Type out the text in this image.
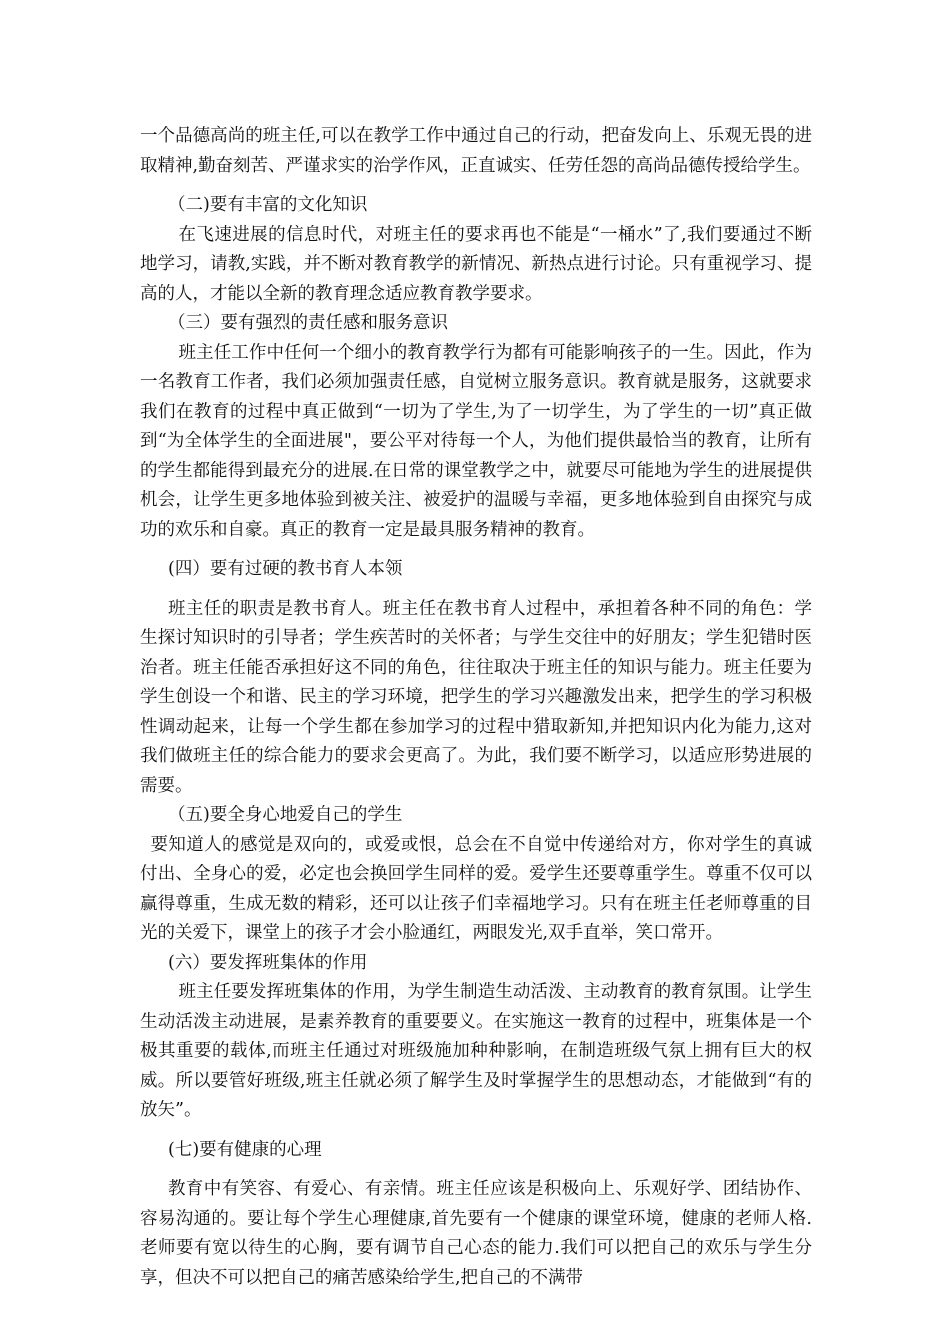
一个品德高尚的班主任,可以在教学工作中通过自己的行动，把奋发向上、乐观无畏的进取精神,勤奋刻苦、严谨求实的治学作风，正直诚实、任劳任怨的高尚品德传授给学生。

（二)要有丰富的文化知识

在飞速进展的信息时代，对班主任的要求再也不能是“一桶水”了,我们要通过不断地学习，请教,实践，并不断对教育教学的新情况、新热点进行讨论。只有重视学习、提高的人，才能以全新的教育理念适应教育教学要求。

（三）要有强烈的责任感和服务意识

班主任工作中任何一个细小的教育教学行为都有可能影响孩子的一生。因此，作为一名教育工作者，我们必须加强责任感，自觉树立服务意识。教育就是服务，这就要求我们在教育的过程中真正做到“一切为了学生,为了一切学生，为了学生的一切”真正做到“为全体学生的全面进展"，要公平对待每一个人，为他们提供最恰当的教育，让所有的学生都能得到最充分的进展.在日常的课堂教学之中，就要尽可能地为学生的进展提供机会，让学生更多地体验到被关注、被爱护的温暖与幸福，更多地体验到自由探究与成功的欢乐和自豪。真正的教育一定是最具服务精神的教育。

(四）要有过硬的教书育人本领

班主任的职责是教书育人。班主任在教书育人过程中，承担着各种不同的角色：学生探讨知识时的引导者；学生疾苦时的关怀者；与学生交往中的好朋友；学生犯错时医治者。班主任能否承担好这不同的角色，往往取决于班主任的知识与能力。班主任要为学生创设一个和谐、民主的学习环境，把学生的学习兴趣激发出来，把学生的学习积极性调动起来，让每一个学生都在参加学习的过程中猎取新知,并把知识内化为能力,这对我们做班主任的综合能力的要求会更高了。为此，我们要不断学习，以适应形势进展的需要。

（五)要全身心地爱自己的学生

要知道人的感觉是双向的，或爱或恨，总会在不自觉中传递给对方，你对学生的真诚付出、全身心的爱，必定也会换回学生同样的爱。爱学生还要尊重学生。尊重不仅可以赢得尊重，生成无数的精彩，还可以让孩子们幸福地学习。只有在班主任老师尊重的目光的关爱下，课堂上的孩子才会小脸通红，两眼发光,双手直举，笑口常开。

(六）要发挥班集体的作用

班主任要发挥班集体的作用，为学生制造生动活泼、主动教育的教育氛围。让学生生动活泼主动进展，是素养教育的重要要义。在实施这一教育的过程中，班集体是一个极其重要的载体,而班主任通过对班级施加种种影响，在制造班级气氛上拥有巨大的权威。所以要管好班级,班主任就必须了解学生及时掌握学生的思想动态，才能做到“有的放矢”。

(七)要有健康的心理

教育中有笑容、有爱心、有亲情。班主任应该是积极向上、乐观好学、团结协作、容易沟通的。要让每个学生心理健康,首先要有一个健康的课堂环境，健康的老师人格.老师要有宽以待生的心胸，要有调节自己心态的能力.我们可以把自己的欢乐与学生分享，但决不可以把自己的痛苦感染给学生,把自己的不满带
